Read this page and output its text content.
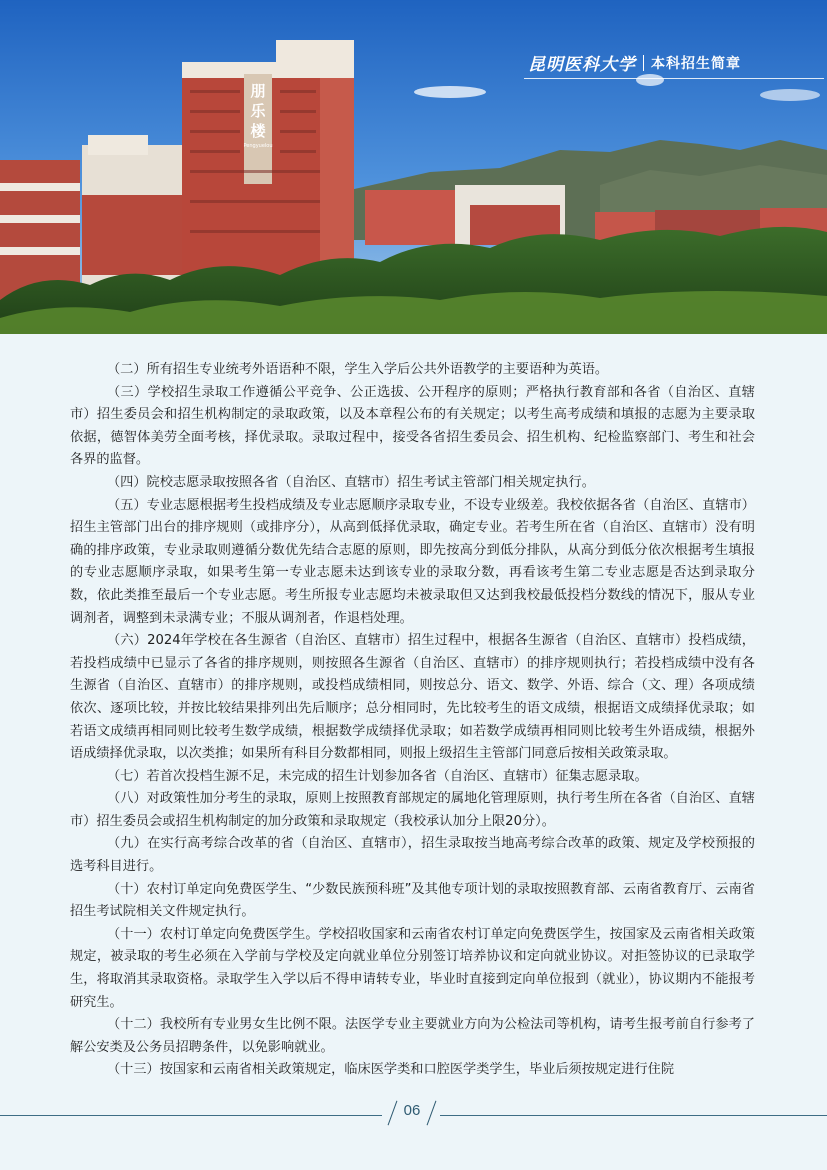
朋
乐
楼
Pengyuelou
昆明医科大学 本科招生简章

（二）所有招生专业统考外语语种不限，学生入学后公共外语教学的主要语种为英语。

（三）学校招生录取工作遵循公平竞争、公正选拔、公开程序的原则；严格执行教育部和各省（自治区、直辖市）招生委员会和招生机构制定的录取政策，以及本章程公布的有关规定；以考生高考成绩和填报的志愿为主要录取依据，德智体美劳全面考核，择优录取。录取过程中，接受各省招生委员会、招生机构、纪检监察部门、考生和社会各界的监督。

（四）院校志愿录取按照各省（自治区、直辖市）招生考试主管部门相关规定执行。

（五）专业志愿根据考生投档成绩及专业志愿顺序录取专业，不设专业级差。我校依据各省（自治区、直辖市）招生主管部门出台的排序规则（或排序分），从高到低择优录取，确定专业。若考生所在省（自治区、直辖市）没有明确的排序政策，专业录取则遵循分数优先结合志愿的原则，即先按高分到低分排队，从高分到低分依次根据考生填报的专业志愿顺序录取，如果考生第一专业志愿未达到该专业的录取分数，再看该考生第二专业志愿是否达到录取分数，依此类推至最后一个专业志愿。考生所报专业志愿均未被录取但又达到我校最低投档分数线的情况下，服从专业调剂者，调整到未录满专业；不服从调剂者，作退档处理。

（六）2024年学校在各生源省（自治区、直辖市）招生过程中，根据各生源省（自治区、直辖市）投档成绩，若投档成绩中已显示了各省的排序规则，则按照各生源省（自治区、直辖市）的排序规则执行；若投档成绩中没有各生源省（自治区、直辖市）的排序规则，或投档成绩相同，则按总分、语文、数学、外语、综合（文、理）各项成绩依次、逐项比较，并按比较结果排列出先后顺序；总分相同时，先比较考生的语文成绩，根据语文成绩择优录取；如若语文成绩再相同则比较考生数学成绩，根据数学成绩择优录取；如若数学成绩再相同则比较考生外语成绩，根据外语成绩择优录取，以次类推；如果所有科目分数都相同，则报上级招生主管部门同意后按相关政策录取。

（七）若首次投档生源不足，未完成的招生计划参加各省（自治区、直辖市）征集志愿录取。

（八）对政策性加分考生的录取，原则上按照教育部规定的属地化管理原则，执行考生所在各省（自治区、直辖市）招生委员会或招生机构制定的加分政策和录取规定（我校承认加分上限20分）。

（九）在实行高考综合改革的省（自治区、直辖市），招生录取按当地高考综合改革的政策、规定及学校预报的选考科目进行。

（十）农村订单定向免费医学生、“少数民族预科班”及其他专项计划的录取按照教育部、云南省教育厅、云南省招生考试院相关文件规定执行。

（十一）农村订单定向免费医学生。学校招收国家和云南省农村订单定向免费医学生，按国家及云南省相关政策规定，被录取的考生必须在入学前与学校及定向就业单位分别签订培养协议和定向就业协议。对拒签协议的已录取学生，将取消其录取资格。录取学生入学以后不得申请转专业，毕业时直接到定向单位报到（就业），协议期内不能报考研究生。

（十二）我校所有专业男女生比例不限。法医学专业主要就业方向为公检法司等机构，请考生报考前自行参考了解公安类及公务员招聘条件，以免影响就业。

（十三）按国家和云南省相关政策规定，临床医学类和口腔医学类学生，毕业后须按规定进行住院

06
